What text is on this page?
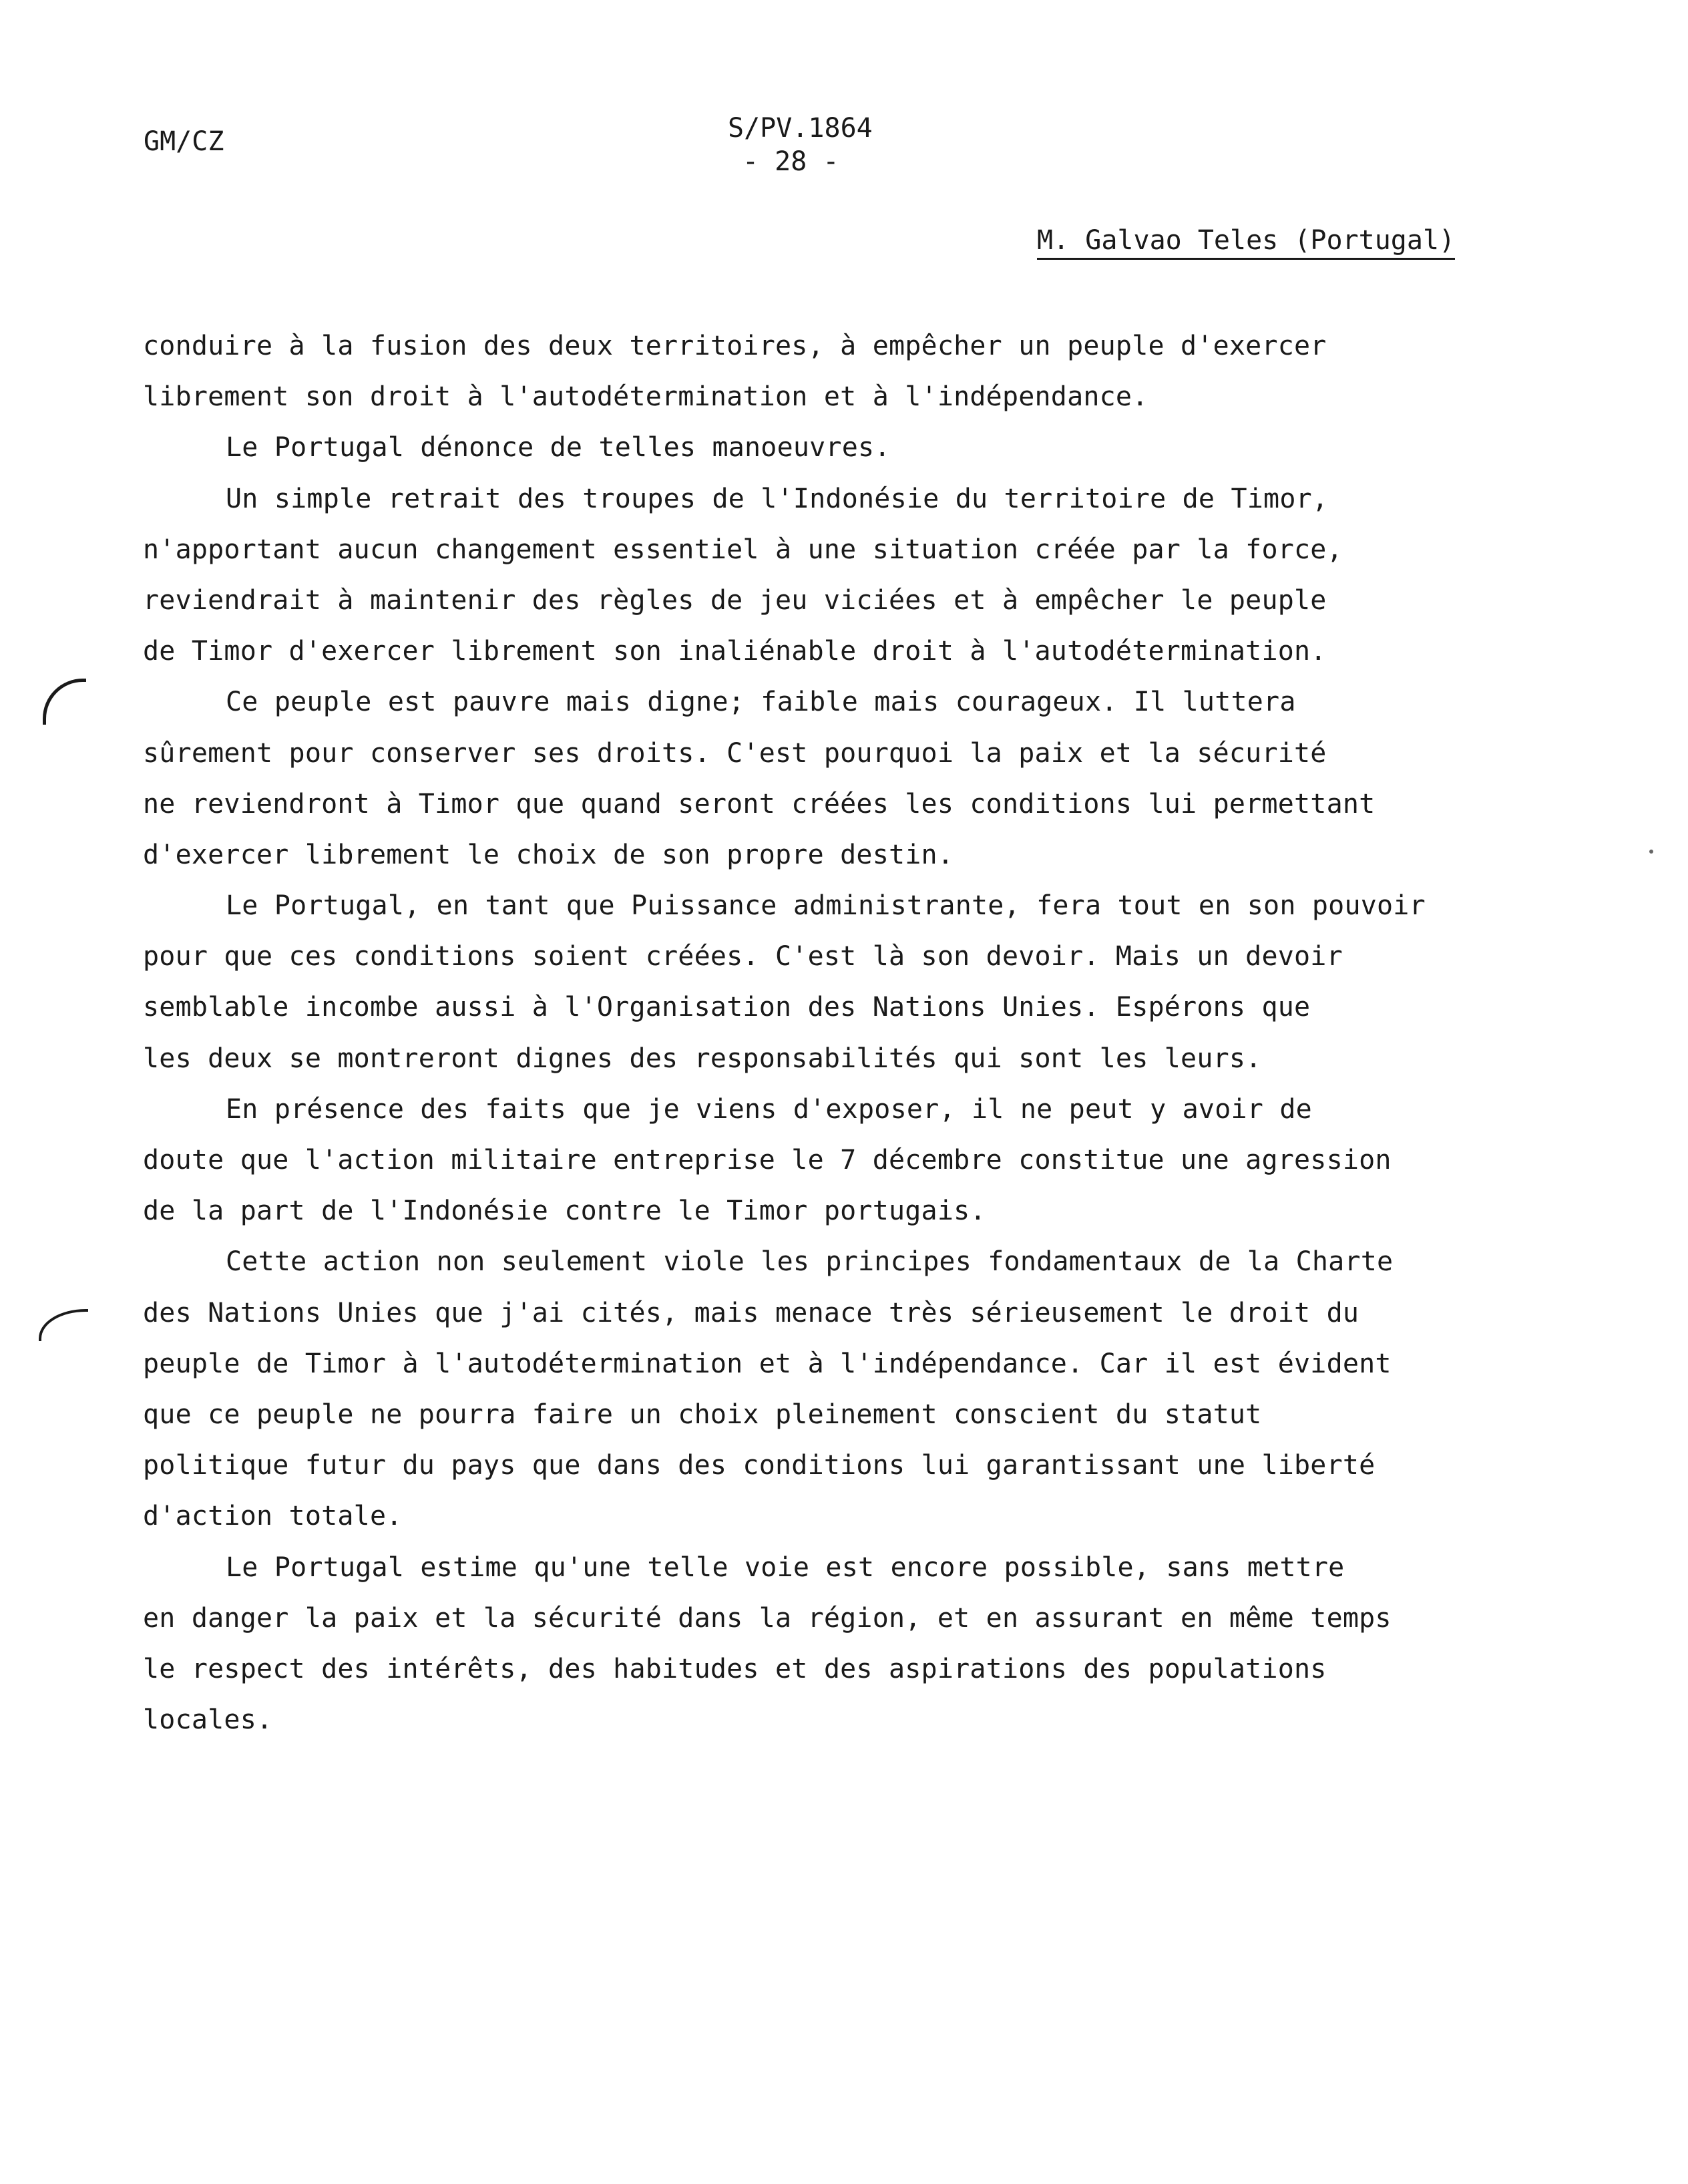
GM/CZ	S/PV.1864
- 28 -
M. Galvao Teles (Portugal)
conduire à la fusion des deux territoires, à empêcher un peuple d'exercer
librement son droit à l'autodétermination et à l'indépendance.
Le Portugal dénonce de telles manoeuvres.
Un simple retrait des troupes de l'Indonésie du territoire de Timor,
n'apportant aucun changement essentiel à une situation créée par la force,
reviendrait à maintenir des règles de jeu viciées et à empêcher le peuple
de Timor d'exercer librement son inaliénable droit à l'autodétermination.
Ce peuple est pauvre mais digne; faible mais courageux. Il luttera
sûrement pour conserver ses droits. C'est pourquoi la paix et la sécurité
ne reviendront à Timor que quand seront créées les conditions lui permettant
d'exercer librement le choix de son propre destin.
Le Portugal, en tant que Puissance administrante, fera tout en son pouvoir
pour que ces conditions soient créées. C'est là son devoir. Mais un devoir
semblable incombe aussi à l'Organisation des Nations Unies. Espérons que
les deux se montreront dignes des responsabilités qui sont les leurs.
En présence des faits que je viens d'exposer, il ne peut y avoir de
doute que l'action militaire entreprise le 7 décembre constitue une agression
de la part de l'Indonésie contre le Timor portugais.
Cette action non seulement viole les principes fondamentaux de la Charte
des Nations Unies que j'ai cités, mais menace très sérieusement le droit du
peuple de Timor à l'autodétermination et à l'indépendance. Car il est évident
que ce peuple ne pourra faire un choix pleinement conscient du statut
politique futur du pays que dans des conditions lui garantissant une liberté
d'action totale.
Le Portugal estime qu'une telle voie est encore possible, sans mettre
en danger la paix et la sécurité dans la région, et en assurant en même temps
le respect des intérêts, des habitudes et des aspirations des populations
locales.
